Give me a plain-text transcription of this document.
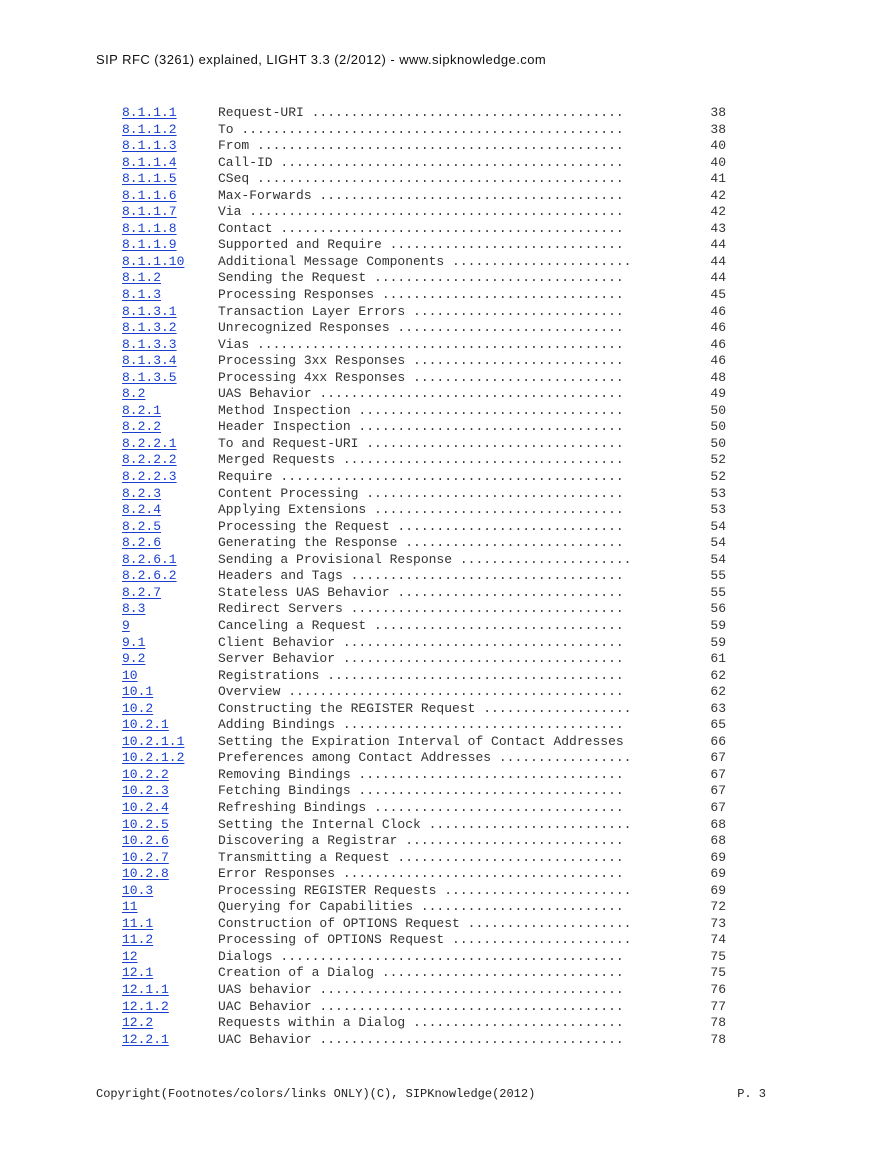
SIP RFC (3261) explained, LIGHT 3.3 (2/2012) - www.sipknowledge.com
8.1.1.1	Request-URI ........................................	38
8.1.1.2	To .................................................	38
8.1.1.3	From ...............................................	40
8.1.1.4	Call-ID ............................................	40
8.1.1.5	CSeq ...............................................	41
8.1.1.6	Max-Forwards .......................................	42
8.1.1.7	Via ................................................	42
8.1.1.8	Contact ............................................	43
8.1.1.9	Supported and Require ..............................	44
8.1.1.10	Additional Message Components .......................	44
8.1.2	Sending the Request ................................	44
8.1.3	Processing Responses ...............................	45
8.1.3.1	Transaction Layer Errors ...........................	46
8.1.3.2	Unrecognized Responses .............................	46
8.1.3.3	Vias ...............................................	46
8.1.3.4	Processing 3xx Responses ...........................	46
8.1.3.5	Processing 4xx Responses ...........................	48
8.2	UAS Behavior .......................................	49
8.2.1	Method Inspection ..................................	50
8.2.2	Header Inspection ..................................	50
8.2.2.1	To and Request-URI .................................	50
8.2.2.2	Merged Requests ....................................	52
8.2.2.3	Require ............................................	52
8.2.3	Content Processing .................................	53
8.2.4	Applying Extensions ................................	53
8.2.5	Processing the Request .............................	54
8.2.6	Generating the Response ............................	54
8.2.6.1	Sending a Provisional Response ......................	54
8.2.6.2	Headers and Tags ...................................	55
8.2.7	Stateless UAS Behavior .............................	55
8.3	Redirect Servers ...................................	56
9	Canceling a Request ................................	59
9.1	Client Behavior ....................................	59
9.2	Server Behavior ....................................	61
10	Registrations ......................................	62
10.1	Overview ...........................................	62
10.2	Constructing the REGISTER Request ...................	63
10.2.1	Adding Bindings ....................................	65
10.2.1.1	Setting the Expiration Interval of Contact Addresses	66
10.2.1.2	Preferences among Contact Addresses .................	67
10.2.2	Removing Bindings ..................................	67
10.2.3	Fetching Bindings ..................................	67
10.2.4	Refreshing Bindings ................................	67
10.2.5	Setting the Internal Clock ..........................	68
10.2.6	Discovering a Registrar ............................	68
10.2.7	Transmitting a Request .............................	69
10.2.8	Error Responses ....................................	69
10.3	Processing REGISTER Requests ........................	69
11	Querying for Capabilities ..........................	72
11.1	Construction of OPTIONS Request .....................	73
11.2	Processing of OPTIONS Request .......................	74
12	Dialogs ............................................	75
12.1	Creation of a Dialog ...............................	75
12.1.1	UAS behavior .......................................	76
12.1.2	UAC Behavior .......................................	77
12.2	Requests within a Dialog ...........................	78
12.2.1	UAC Behavior .......................................	78
Copyright(Footnotes/colors/links ONLY)(C), SIPKnowledge(2012)	P. 3
